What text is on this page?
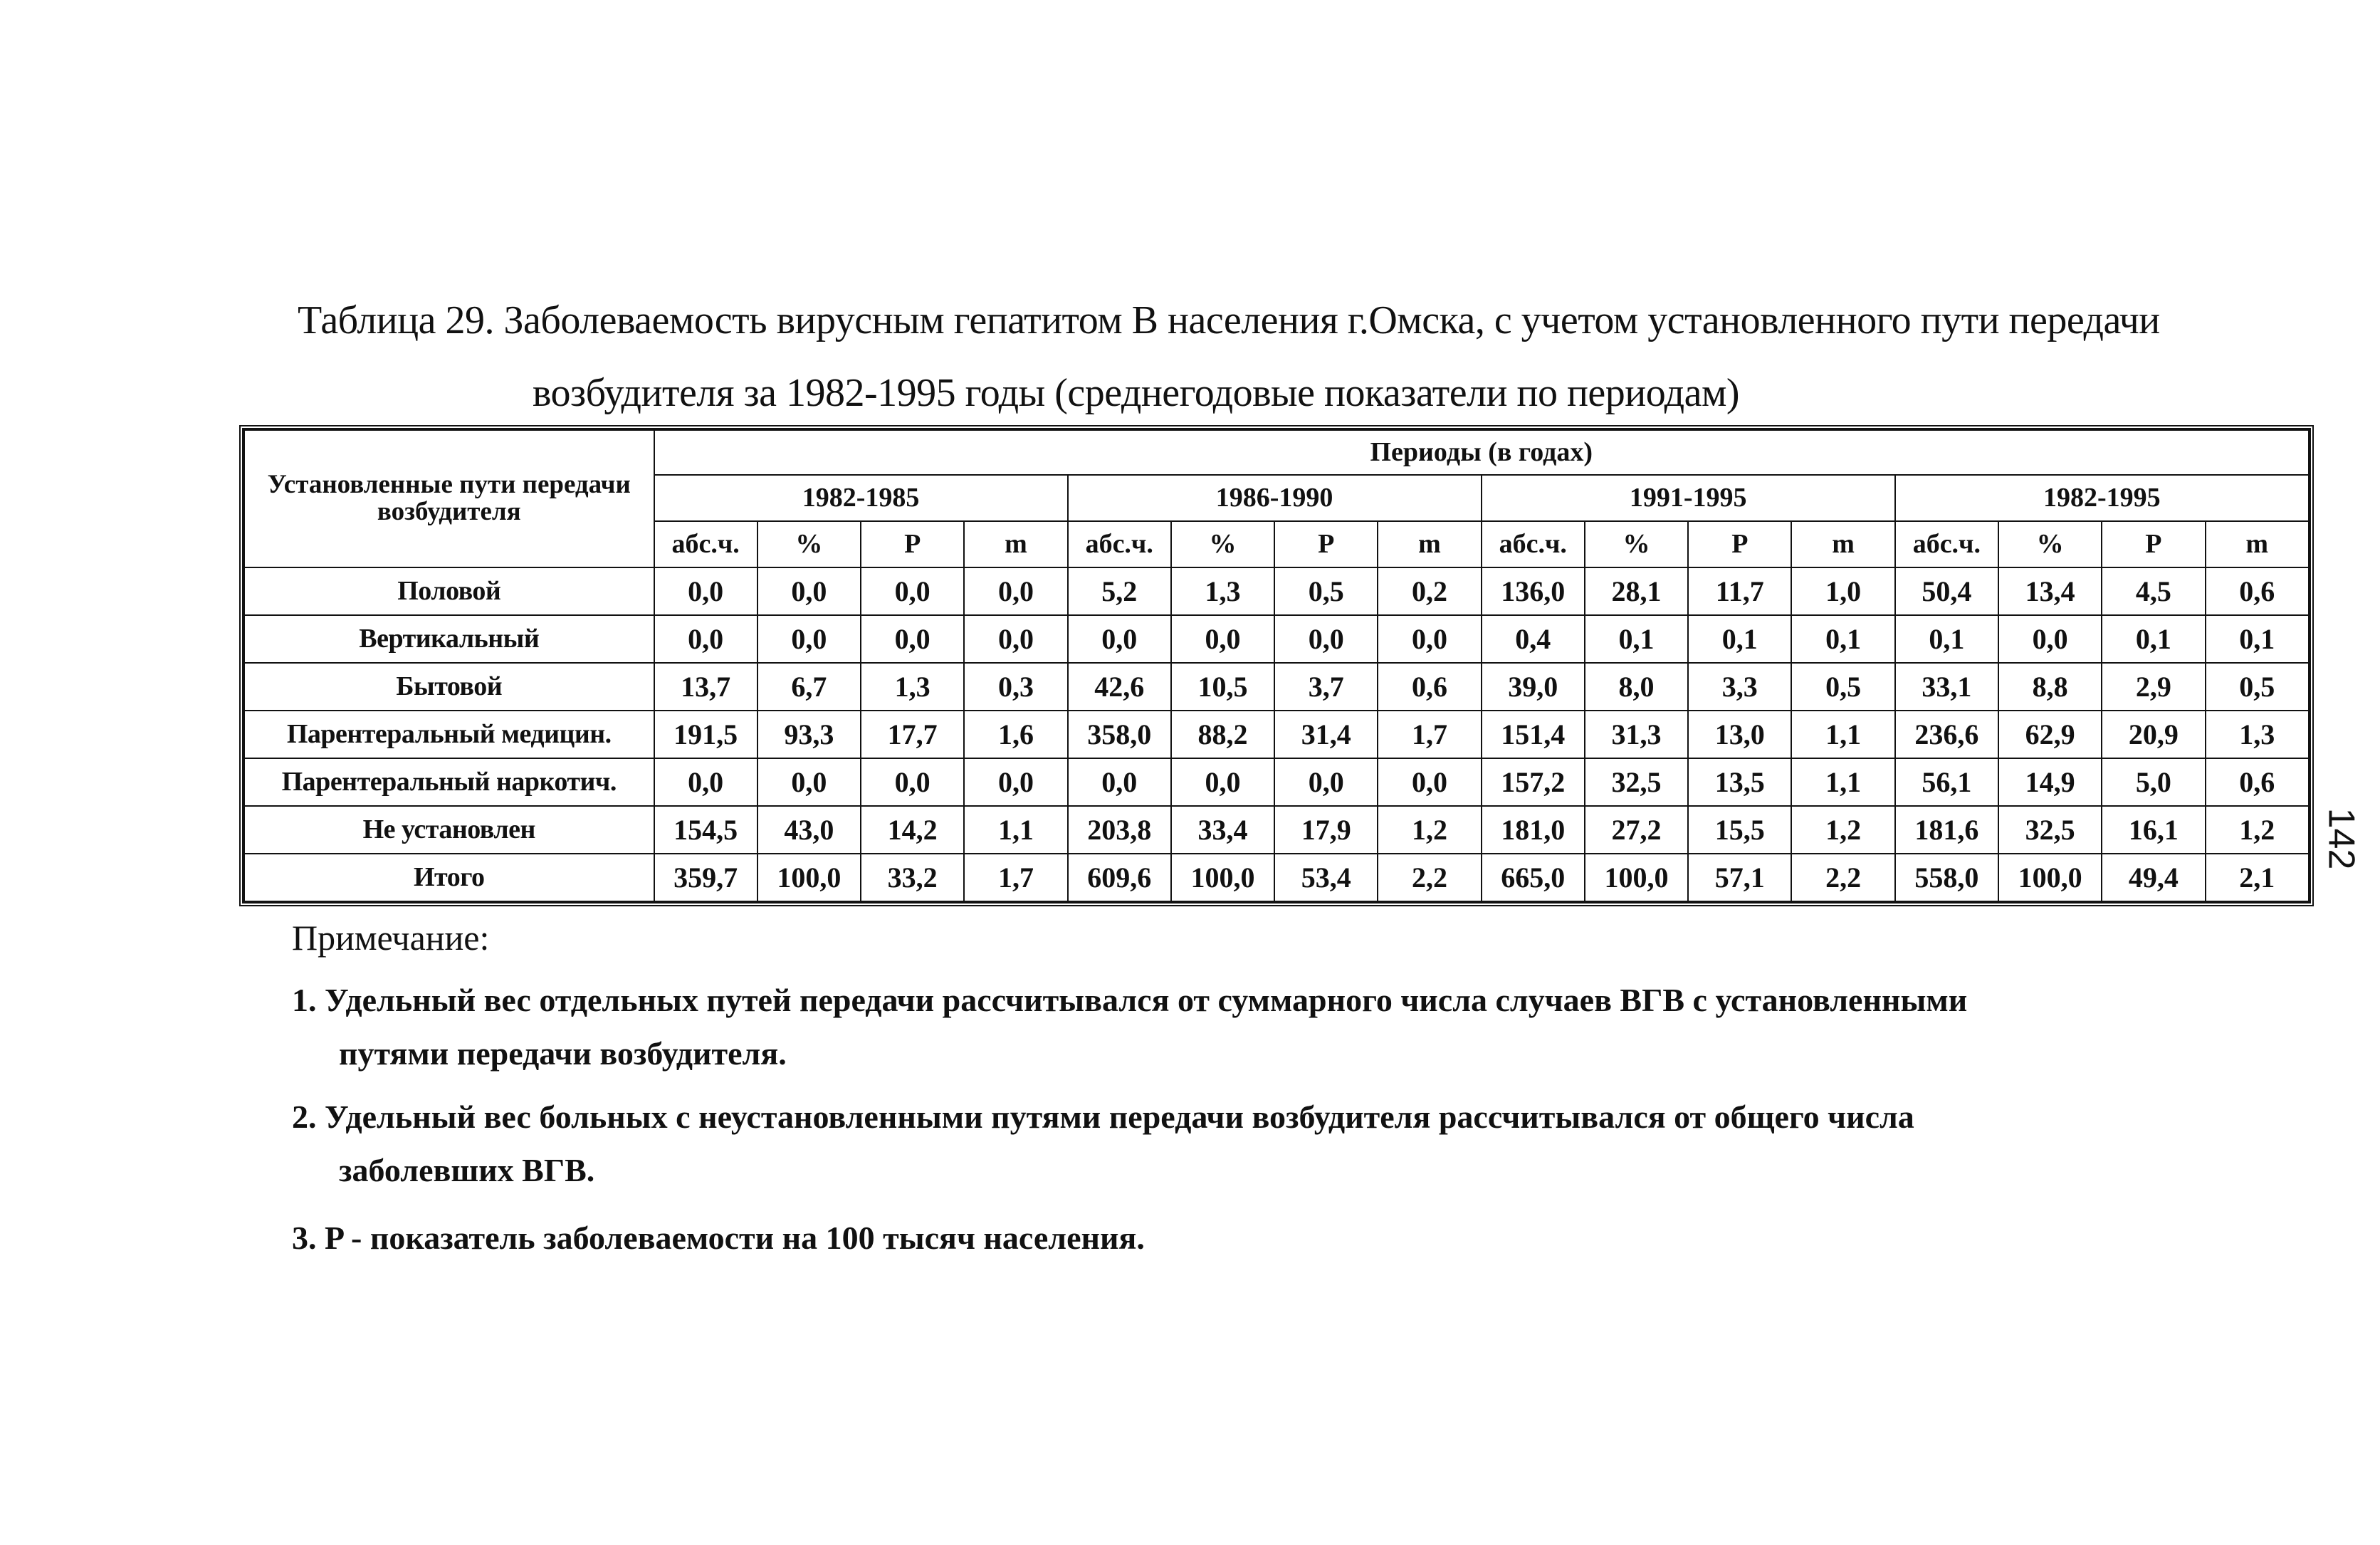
Таблица 29. Заболеваемость вирусным гепатитом В населения г.Омска, с учетом установленного пути передачи
возбудителя за 1982-1995 годы (среднегодовые показатели по периодам)
Установленные пути передачи возбудителя	Периоды (в годах)															
	1982-1985				1986-1990				1991-1995				1982-1995			
	абс.ч.	%	P	m	абс.ч.	%	P	m	абс.ч.	%	P	m	абс.ч.	%	P	m
Половой	0,0	0,0	0,0	0,0	5,2	1,3	0,5	0,2	136,0	28,1	11,7	1,0	50,4	13,4	4,5	0,6
Вертикальный	0,0	0,0	0,0	0,0	0,0	0,0	0,0	0,0	0,4	0,1	0,1	0,1	0,1	0,0	0,1	0,1
Бытовой	13,7	6,7	1,3	0,3	42,6	10,5	3,7	0,6	39,0	8,0	3,3	0,5	33,1	8,8	2,9	0,5
Парентеральный медицин.	191,5	93,3	17,7	1,6	358,0	88,2	31,4	1,7	151,4	31,3	13,0	1,1	236,6	62,9	20,9	1,3
Парентеральный наркотич.	0,0	0,0	0,0	0,0	0,0	0,0	0,0	0,0	157,2	32,5	13,5	1,1	56,1	14,9	5,0	0,6
Не установлен	154,5	43,0	14,2	1,1	203,8	33,4	17,9	1,2	181,0	27,2	15,5	1,2	181,6	32,5	16,1	1,2
Итого	359,7	100,0	33,2	1,7	609,6	100,0	53,4	2,2	665,0	100,0	57,1	2,2	558,0	100,0	49,4	2,1
Примечание:
1. Удельный вес отдельных путей передачи рассчитывался от суммарного числа случаев ВГВ с установленными
путями передачи возбудителя.
2. Удельный вес больных с неустановленными путями передачи возбудителя рассчитывался от общего числа
заболевших ВГВ.
3. P - показатель заболеваемости на 100 тысяч населения.
142
